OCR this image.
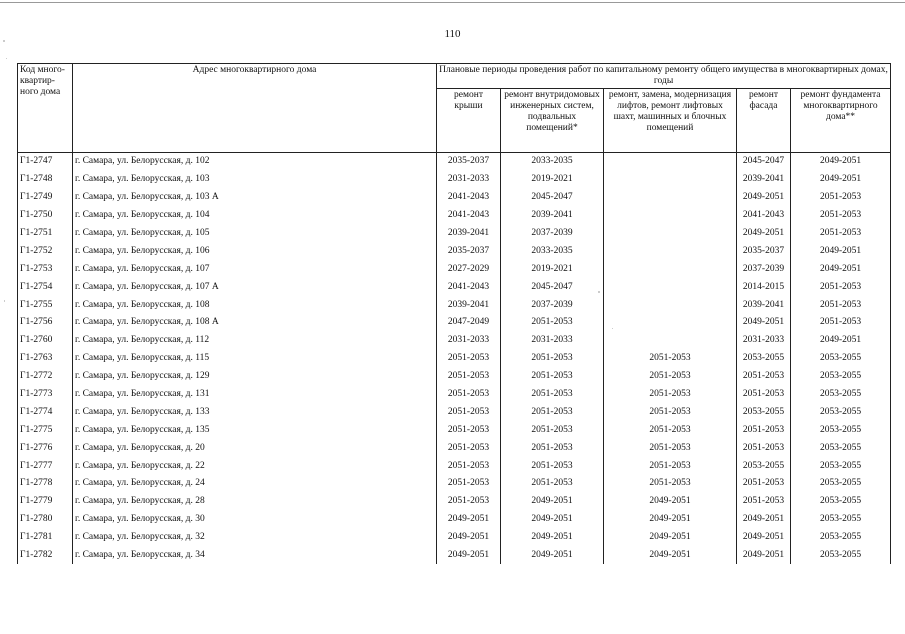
110
Код много-квартир-ного дома	Адрес многоквартирного дома	Плановые периоды проведения работ по капитальному ремонту общего имущества в многоквартирных домах, годы				
		ремонт крыши	ремонт внутридомовых инженерных систем, подвальных помещений*	ремонт, замена, модернизация лифтов, ремонт лифтовых шахт, машинных и блочных помещений	ремонт фасада	ремонт фундамента многоквартирного дома**
Г1-2747	г. Самара, ул. Белорусская, д. 102	2035-2037	2033-2035		2045-2047	2049-2051
Г1-2748	г. Самара, ул. Белорусская, д. 103	2031-2033	2019-2021		2039-2041	2049-2051
Г1-2749	г. Самара, ул. Белорусская, д. 103 А	2041-2043	2045-2047		2049-2051	2051-2053
Г1-2750	г. Самара, ул. Белорусская, д. 104	2041-2043	2039-2041		2041-2043	2051-2053
Г1-2751	г. Самара, ул. Белорусская, д. 105	2039-2041	2037-2039		2049-2051	2051-2053
Г1-2752	г. Самара, ул. Белорусская, д. 106	2035-2037	2033-2035		2035-2037	2049-2051
Г1-2753	г. Самара, ул. Белорусская, д. 107	2027-2029	2019-2021		2037-2039	2049-2051
Г1-2754	г. Самара, ул. Белорусская, д. 107 А	2041-2043	2045-2047		2014-2015	2051-2053
Г1-2755	г. Самара, ул. Белорусская, д. 108	2039-2041	2037-2039		2039-2041	2051-2053
Г1-2756	г. Самара, ул. Белорусская, д. 108 А	2047-2049	2051-2053		2049-2051	2051-2053
Г1-2760	г. Самара, ул. Белорусская, д. 112	2031-2033	2031-2033		2031-2033	2049-2051
Г1-2763	г. Самара, ул. Белорусская, д. 115	2051-2053	2051-2053	2051-2053	2053-2055	2053-2055
Г1-2772	г. Самара, ул. Белорусская, д. 129	2051-2053	2051-2053	2051-2053	2051-2053	2053-2055
Г1-2773	г. Самара, ул. Белорусская, д. 131	2051-2053	2051-2053	2051-2053	2051-2053	2053-2055
Г1-2774	г. Самара, ул. Белорусская, д. 133	2051-2053	2051-2053	2051-2053	2053-2055	2053-2055
Г1-2775	г. Самара, ул. Белорусская, д. 135	2051-2053	2051-2053	2051-2053	2051-2053	2053-2055
Г1-2776	г. Самара, ул. Белорусская, д. 20	2051-2053	2051-2053	2051-2053	2051-2053	2053-2055
Г1-2777	г. Самара, ул. Белорусская, д. 22	2051-2053	2051-2053	2051-2053	2053-2055	2053-2055
Г1-2778	г. Самара, ул. Белорусская, д. 24	2051-2053	2051-2053	2051-2053	2051-2053	2053-2055
Г1-2779	г. Самара, ул. Белорусская, д. 28	2051-2053	2049-2051	2049-2051	2051-2053	2053-2055
Г1-2780	г. Самара, ул. Белорусская, д. 30	2049-2051	2049-2051	2049-2051	2049-2051	2053-2055
Г1-2781	г. Самара, ул. Белорусская, д. 32	2049-2051	2049-2051	2049-2051	2049-2051	2053-2055
Г1-2782	г. Самара, ул. Белорусская, д. 34	2049-2051	2049-2051	2049-2051	2049-2051	2053-2055
